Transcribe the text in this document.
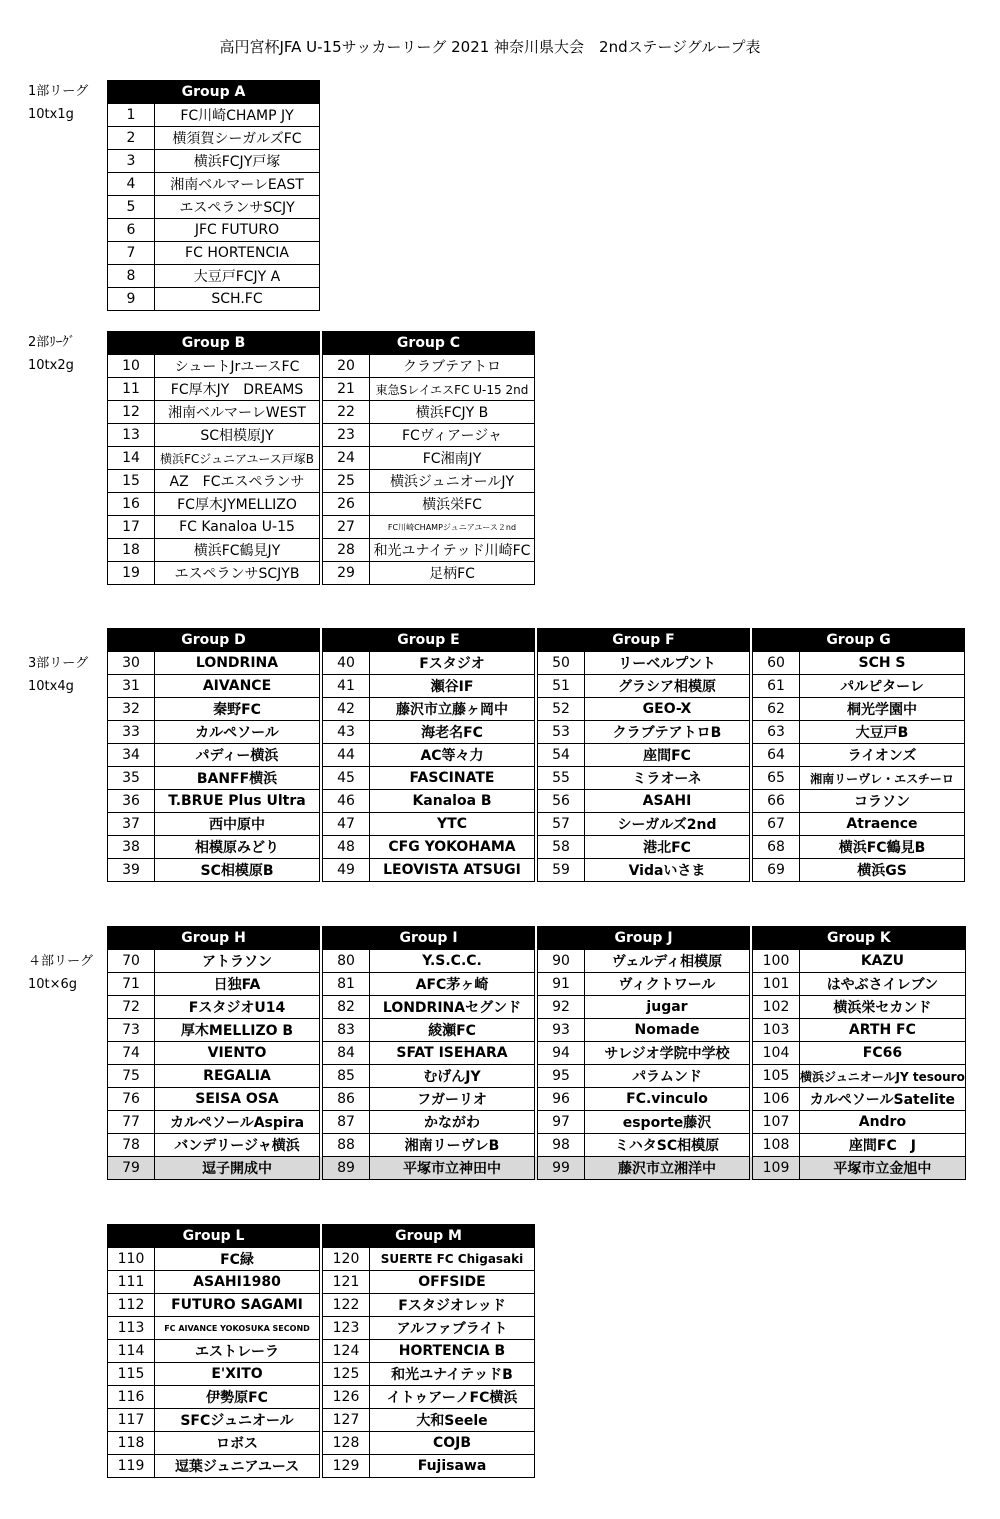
高円宮杯JFA U-15サッカーリーグ 2021 神奈川県大会　2ndステージグループ表
1部リーグ
10tx1g
Group A	
1	FC川崎CHAMP JY
2	横須賀シーガルズFC
3	横浜FCJY戸塚
4	湘南ベルマーレEAST
5	エスペランサSCJY
6	JFC FUTURO
7	FC HORTENCIA
8	大豆戸FCJY A
9	SCH.FC
2部ﾘｰｸﾞ
10tx2g
Group B			Group C	
10	シュートJrユースFC		20	クラブテアトロ
11	FC厚木JY　DREAMS		21	東急SレイエスFC U-15 2nd
12	湘南ベルマーレWEST		22	横浜FCJY B
13	SC相模原JY		23	FCヴィアージャ
14	横浜FCジュニアユース戸塚B		24	FC湘南JY
15	AZ　FCエスペランサ		25	横浜ジュニオールJY
16	FC厚木JYMELLIZO		26	横浜栄FC
17	FC Kanaloa U-15		27	FC川崎CHAMPジュニアユース２nd
18	横浜FC鶴見JY		28	和光ユナイテッド川崎FC
19	エスペランサSCJYB		29	足柄FC
3部リーグ
10tx4g
Group D			Group E			Group F			Group G	
30	LONDRINA		40	Fスタジオ		50	リーベルプント		60	SCH S
31	AIVANCE		41	瀬谷IF		51	グラシア相模原		61	パルピターレ
32	秦野FC		42	藤沢市立藤ヶ岡中		52	GEO-X		62	桐光学園中
33	カルペソール		43	海老名FC		53	クラブテアトロB		63	大豆戸B
34	パディー横浜		44	AC等々力		54	座間FC		64	ライオンズ
35	BANFF横浜		45	FASCINATE		55	ミラオーネ		65	湘南リーヴレ・エスチーロ
36	T.BRUE Plus Ultra		46	Kanaloa B		56	ASAHI		66	コラソン
37	西中原中		47	YTC		57	シーガルズ2nd		67	Atraence
38	相模原みどり		48	CFG YOKOHAMA		58	港北FC		68	横浜FC鶴見B
39	SC相模原B		49	LEOVISTA ATSUGI		59	Vidaいさま		69	横浜GS
４部リーグ
10t×6g
Group H			Group I			Group J			Group K	
70	アトラソン		80	Y.S.C.C.		90	ヴェルディ相模原		100	KAZU
71	日独FA		81	AFC茅ヶ崎		91	ヴィクトワール		101	はやぶさイレブン
72	FスタジオU14		82	LONDRINAセグンド		92	jugar		102	横浜栄セカンド
73	厚木MELLIZO B		83	綾瀬FC		93	Nomade		103	ARTH FC
74	VIENTO		84	SFAT ISEHARA		94	サレジオ学院中学校		104	FC66
75	REGALIA		85	むげんJY		95	パラムンド		105	横浜ジュニオールJY tesouro
76	SEISA OSA		86	フガーリオ		96	FC.vinculo		106	カルペソールSatelite
77	カルペソールAspira		87	かながわ		97	esporte藤沢		107	Andro
78	バンデリージャ横浜		88	湘南リーヴレB		98	ミハタSC相模原		108	座間FC　J
79	逗子開成中		89	平塚市立神田中		99	藤沢市立湘洋中		109	平塚市立金旭中
Group L			Group M	
110	FC緑		120	SUERTE FC Chigasaki
111	ASAHI1980		121	OFFSIDE
112	FUTURO SAGAMI		122	Fスタジオレッド
113	FC AIVANCE YOKOSUKA SECOND		123	アルファブライト
114	エストレーラ		124	HORTENCIA B
115	E'XITO		125	和光ユナイテッドB
116	伊勢原FC		126	イトゥアーノFC横浜
117	SFCジュニオール		127	大和Seele
118	ロボス		128	COJB
119	逗葉ジュニアユース		129	Fujisawa
